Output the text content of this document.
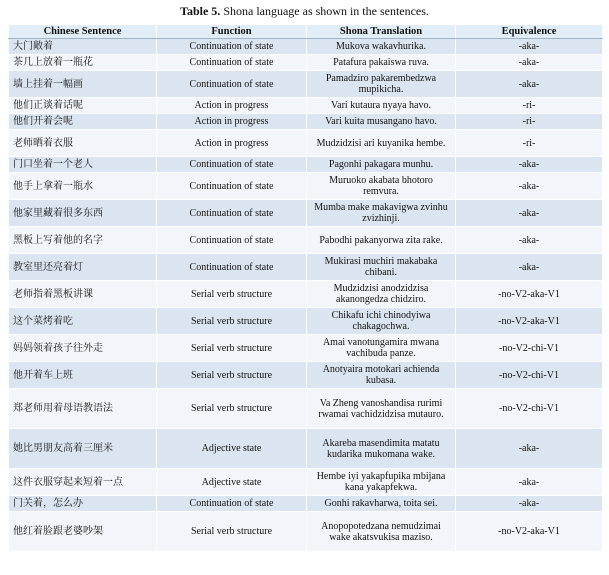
Table 5. Shona language as shown in the sentences.
Chinese Sentence	Function	Shona Translation	Equivalence
大门敞着	Continuation of state	Mukova wakavhurika.	-aka-
茶几上放着一瓶花	Continuation of state	Patafura pakaiswa ruva.	-aka-
墙上挂着一幅画	Continuation of state	Pamadziro pakarembedzwa mupikicha.	-aka-
他们正谈着话呢	Action in progress	Vari kutaura nyaya havo.	-ri-
他们开着会呢	Action in progress	Vari kuita musangano havo.	-ri-
老师晒着衣服	Action in progress	Mudzidzisi ari kuyanika hembe.	-ri-
门口坐着一个老人	Continuation of state	Pagonhi pakagara munhu.	-aka-
他手上拿着一瓶水	Continuation of state	Muruoko akabata bhotoro remvura.	-aka-
他家里藏着很多东西	Continuation of state	Mumba make makavigwa zvinhu zvizhinji.	-aka-
黑板上写着他的名字	Continuation of state	Pabodhi pakanyorwa zita rake.	-aka-
教室里还亮着灯	Continuation of state	Mukirasi muchiri makabaka chibani.	-aka-
老师指着黑板讲课	Serial verb structure	Mudzidzisi anodzidzisa akanongedza chidziro.	-no-V2-aka-V1
这个菜烤着吃	Serial verb structure	Chikafu ichi chinodyiwa chakagochwa.	-no-V2-aka-V1
妈妈领着孩子往外走	Serial verb structure	Amai vanotungamira mwana vachibuda panze.	-no-V2-chi-V1
他开着车上班	Serial verb structure	Anotyaira motokari achienda kubasa.	-no-V2-chi-V1
郑老师用着母语教语法	Serial verb structure	Va Zheng vanoshandisa rurimi rwamai vachidzidzisa mutauro.	-no-V2-chi-V1
她比男朋友高着三厘米	Adjective state	Akareba masendimita matatu kudarika mukomana wake.	-aka-
这件衣服穿起来短着一点	Adjective state	Hembe iyi yakapfupika mbijana kana yakapfekwa.	-aka-
门关着，怎么办	Continuation of state	Gonhi rakavharwa, toita sei.	-aka-
他红着脸跟老婆吵架	Serial verb structure	Anopopotedzana nemudzimai wake akatsvukisa maziso.	-no-V2-aka-V1
